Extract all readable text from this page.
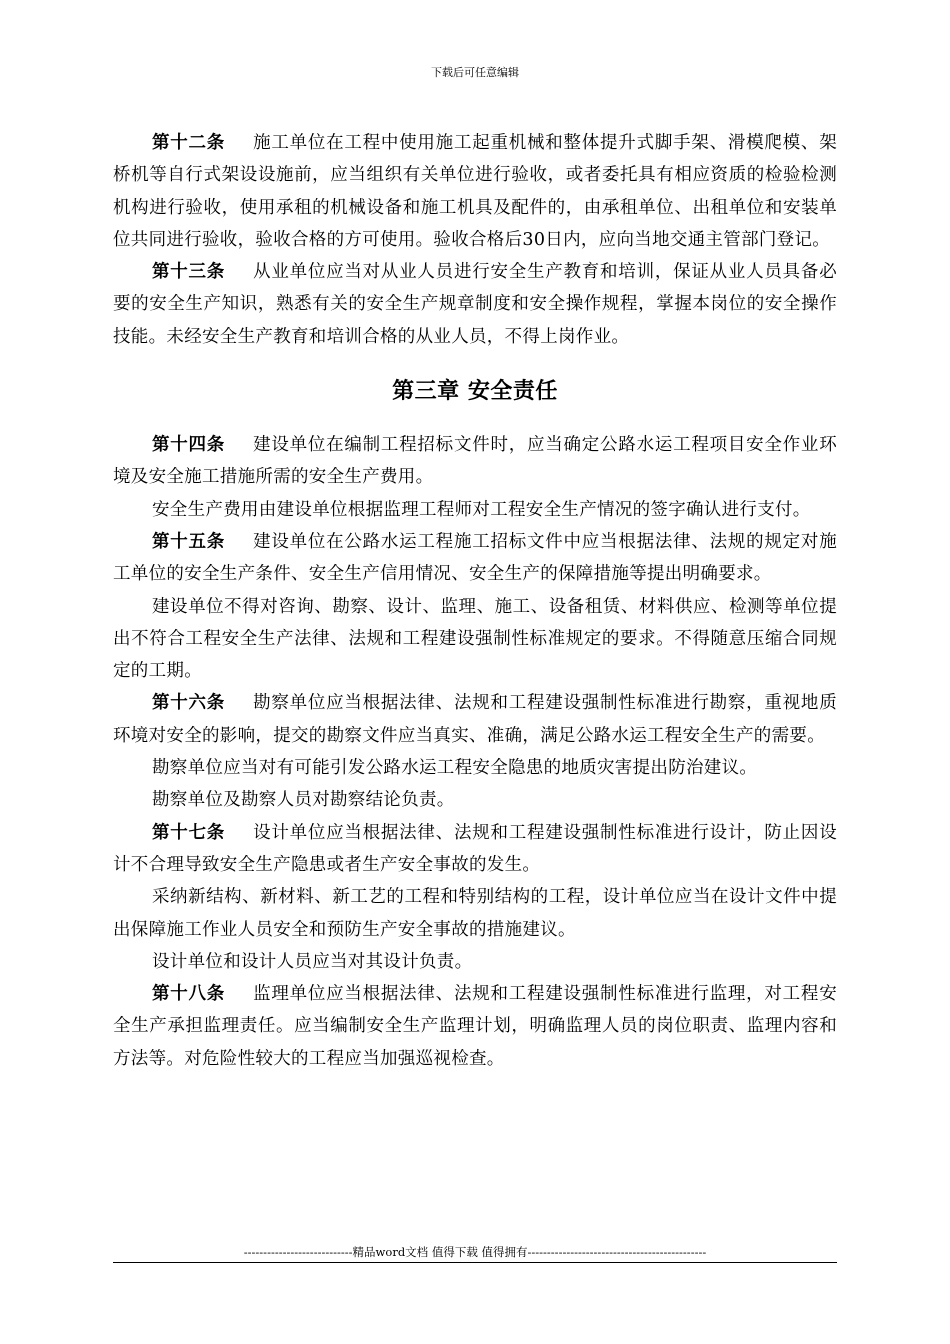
下载后可任意编辑

第十二条 施工单位在工程中使用施工起重机械和整体提升式脚手架、滑模爬模、架桥机等自行式架设设施前，应当组织有关单位进行验收，或者委托具有相应资质的检验检测机构进行验收，使用承租的机械设备和施工机具及配件的，由承租单位、出租单位和安装单位共同进行验收，验收合格的方可使用。验收合格后30日内，应向当地交通主管部门登记。

第十三条 从业单位应当对从业人员进行安全生产教育和培训，保证从业人员具备必要的安全生产知识，熟悉有关的安全生产规章制度和安全操作规程，掌握本岗位的安全操作技能。未经安全生产教育和培训合格的从业人员，不得上岗作业。

第三章 安全责任

第十四条 建设单位在编制工程招标文件时，应当确定公路水运工程项目安全作业环境及安全施工措施所需的安全生产费用。

安全生产费用由建设单位根据监理工程师对工程安全生产情况的签字确认进行支付。

第十五条 建设单位在公路水运工程施工招标文件中应当根据法律、法规的规定对施工单位的安全生产条件、安全生产信用情况、安全生产的保障措施等提出明确要求。

建设单位不得对咨询、勘察、设计、监理、施工、设备租赁、材料供应、检测等单位提出不符合工程安全生产法律、法规和工程建设强制性标准规定的要求。不得随意压缩合同规定的工期。

第十六条 勘察单位应当根据法律、法规和工程建设强制性标准进行勘察，重视地质环境对安全的影响，提交的勘察文件应当真实、准确，满足公路水运工程安全生产的需要。

勘察单位应当对有可能引发公路水运工程安全隐患的地质灾害提出防治建议。

勘察单位及勘察人员对勘察结论负责。

第十七条 设计单位应当根据法律、法规和工程建设强制性标准进行设计，防止因设计不合理导致安全生产隐患或者生产安全事故的发生。

采纳新结构、新材料、新工艺的工程和特别结构的工程，设计单位应当在设计文件中提出保障施工作业人员安全和预防生产安全事故的措施建议。

设计单位和设计人员应当对其设计负责。

第十八条 监理单位应当根据法律、法规和工程建设强制性标准进行监理，对工程安全生产承担监理责任。应当编制安全生产监理计划，明确监理人员的岗位职责、监理内容和方法等。对危险性较大的工程应当加强巡视检查。

----------------------------精品word文档 值得下载 值得拥有----------------------------------------------
